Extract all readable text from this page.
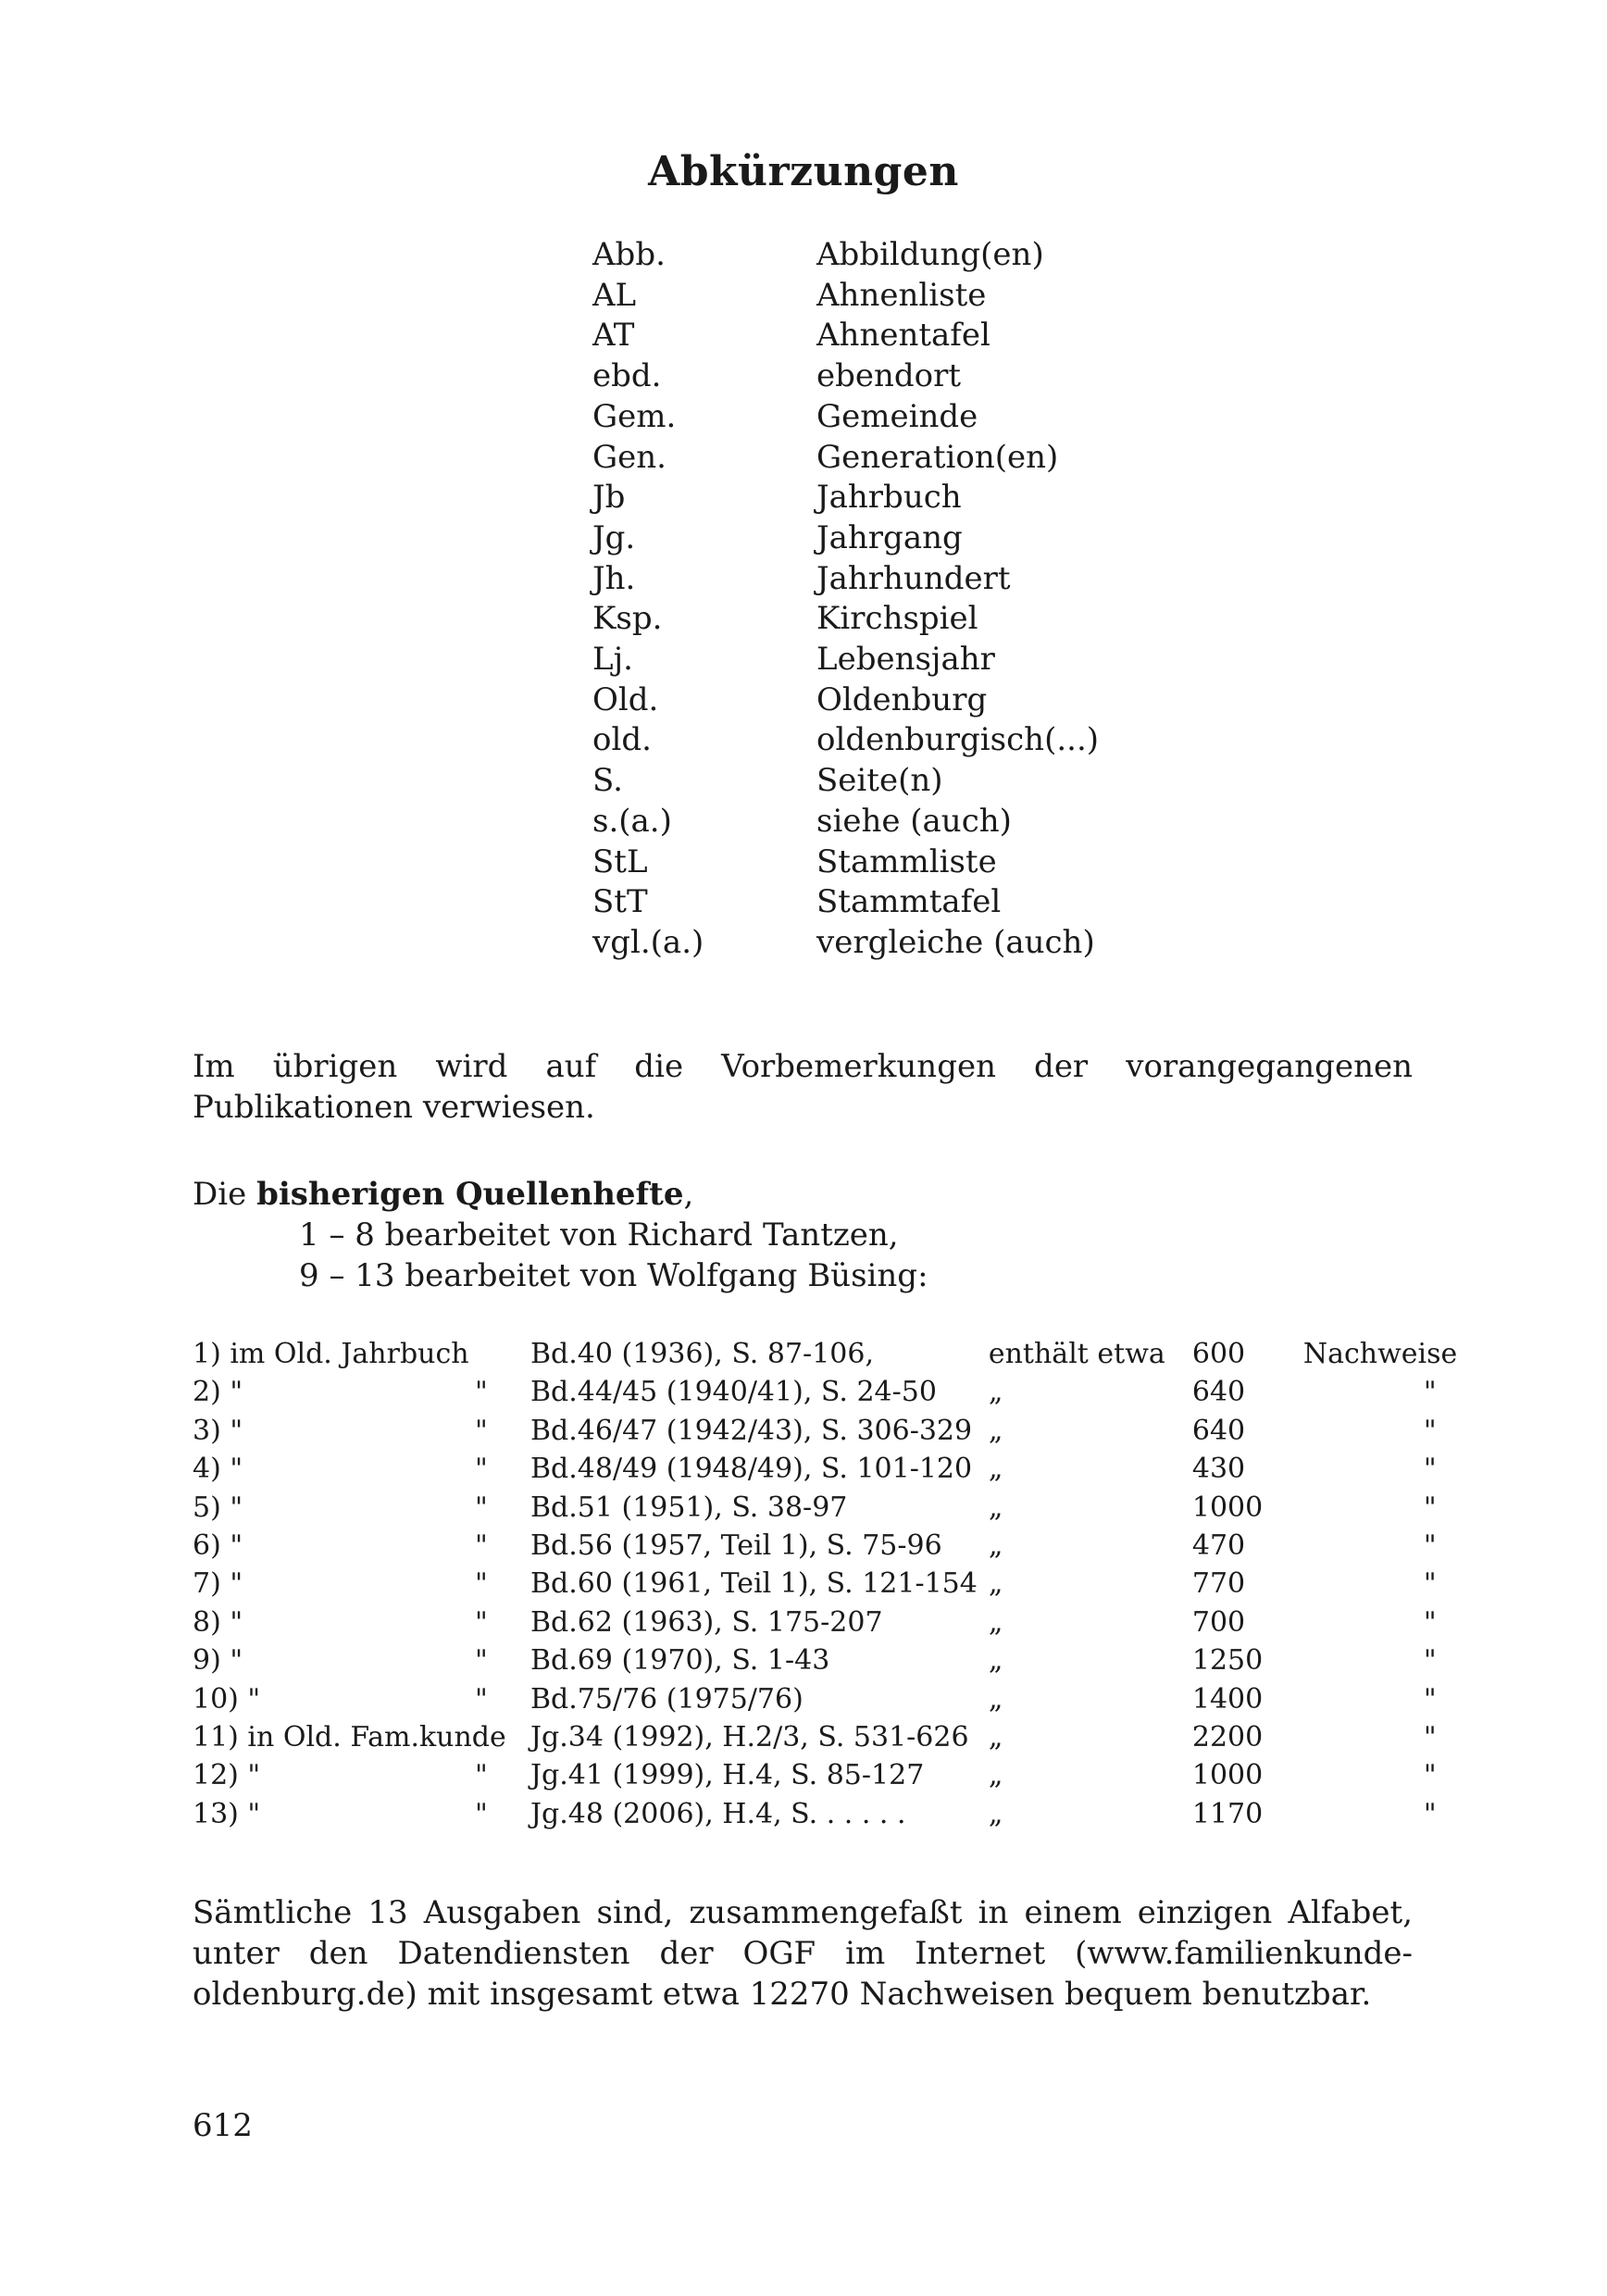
Abkürzungen
Abb.	Abbildung(en)
AL	Ahnenliste
AT	Ahnentafel
ebd.	ebendort
Gem.	Gemeinde
Gen.	Generation(en)
Jb	Jahrbuch
Jg.	Jahrgang
Jh.	Jahrhundert
Ksp.	Kirchspiel
Lj.	Lebensjahr
Old.	Oldenburg
old.	oldenburgisch(...)
S.	Seite(n)
s.(a.)	siehe (auch)
StL	Stammliste
StT	Stammtafel
vgl.(a.)	vergleiche (auch)
Im übrigen wird auf die Vorbemerkungen der vorangegangenen Publikationen verwiesen.
Die bisherigen Quellenhefte,
1 – 8 bearbeitet von Richard Tantzen,
9 – 13 bearbeitet von Wolfgang Büsing:
1) im Old. Jahrbuch	Bd.40 (1936), S. 87-106,	enthält etwa	600	Nachweise
2) " "	Bd.44/45 (1940/41), S. 24-50	„	640	"
3) " "	Bd.46/47 (1942/43), S. 306-329	„	640	"
4) " "	Bd.48/49 (1948/49), S. 101-120	„	430	"
5) " "	Bd.51 (1951), S. 38-97	„	1000	"
6) " "	Bd.56 (1957, Teil 1), S. 75-96	„	470	"
7) " "	Bd.60 (1961, Teil 1), S. 121-154	„	770	"
8) " "	Bd.62 (1963), S. 175-207	„	700	"
9) " "	Bd.69 (1970), S. 1-43	„	1250	"
10) " "	Bd.75/76 (1975/76)	„	1400	"
11) in Old. Fam.kunde	Jg.34 (1992), H.2/3, S. 531-626	„	2200	"
12) " "	Jg.41 (1999), H.4, S. 85-127	„	1000	"
13) " "	Jg.48 (2006), H.4, S. . . . . .	„	1170	"
Sämtliche 13 Ausgaben sind, zusammengefaßt in einem einzigen Alfabet, unter den Datendiensten der OGF im Internet (www.familienkunde-oldenburg.de) mit insgesamt etwa 12270 Nachweisen bequem benutzbar.
612
